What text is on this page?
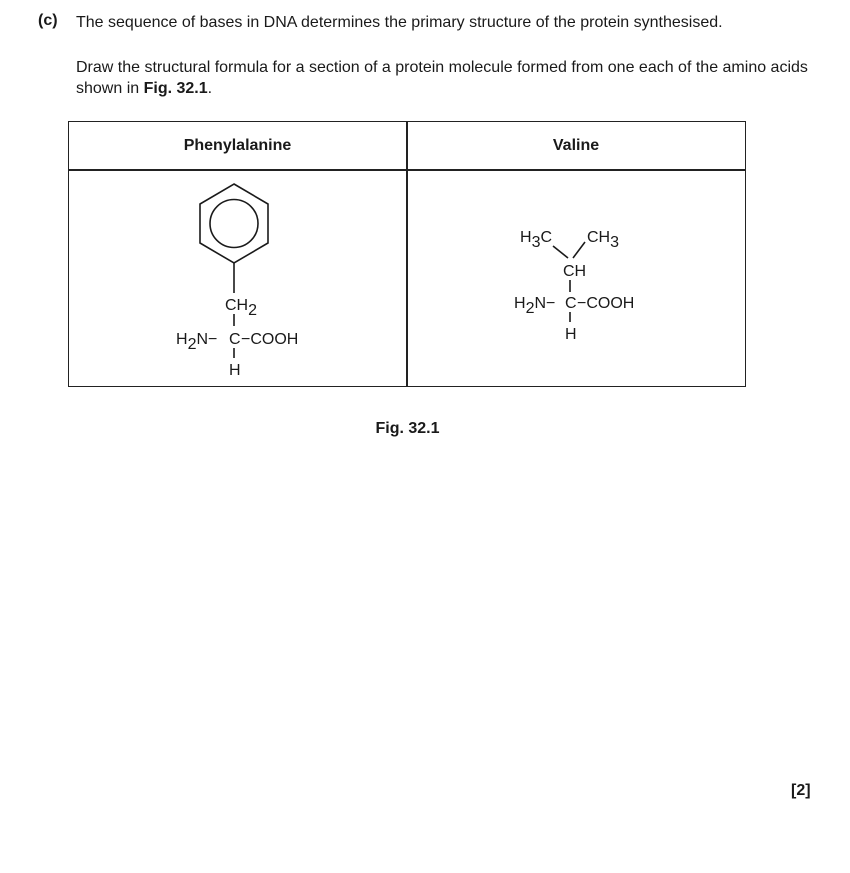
(c) The sequence of bases in DNA determines the primary structure of the protein synthesised.
Draw the structural formula for a section of a protein molecule formed from one each of the amino acids shown in Fig. 32.1.
Phenylalanine	Valine
CH2
H2N− C −COOH
H
H3C CH3
CH
H2N− C −COOH
H
Fig. 32.1
[2]
